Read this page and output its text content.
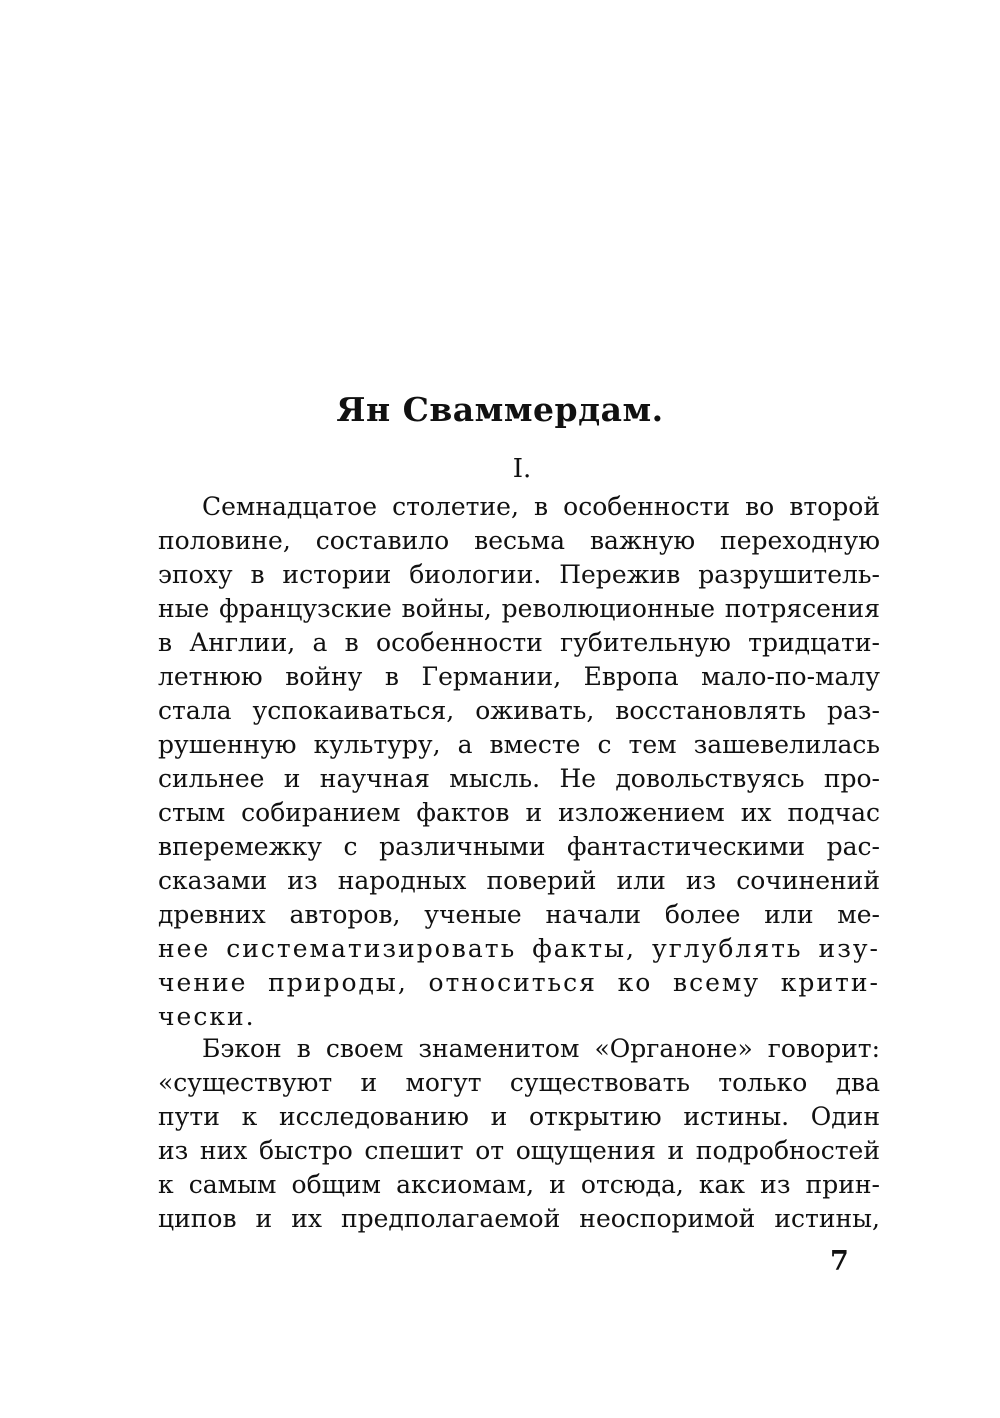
Ян Сваммердам.
I.
Семнадцатое столетие, в особенности во второй
половине, составило весьма важную переходную
эпоху в истории биологии. Пережив разрушитель-
ные французские войны, революционные потрясения
в Англии, а в особенности губительную тридцати-
летнюю войну в Германии, Европа мало-по-малу
стала успокаиваться, оживать, восстановлять раз-
рушенную культуру, а вместе с тем зашевелилась
сильнее и научная мысль. Не довольствуясь про-
стым собиранием фактов и изложением их подчас
вперемежку с различными фантастическими рас-
сказами из народных поверий или из сочинений
древних авторов, ученые начали более или ме-
нее систематизировать факты, углублять изу-
чение природы, относиться ко всему крити-
чески.
Бэкон в своем знаменитом «Органоне» говорит:
«существуют и могут существовать только два
пути к исследованию и открытию истины. Один
из них быстро спешит от ощущения и подробностей
к самым общим аксиомам, и отсюда, как из прин-
ципов и их предполагаемой неоспоримой истины,
7
